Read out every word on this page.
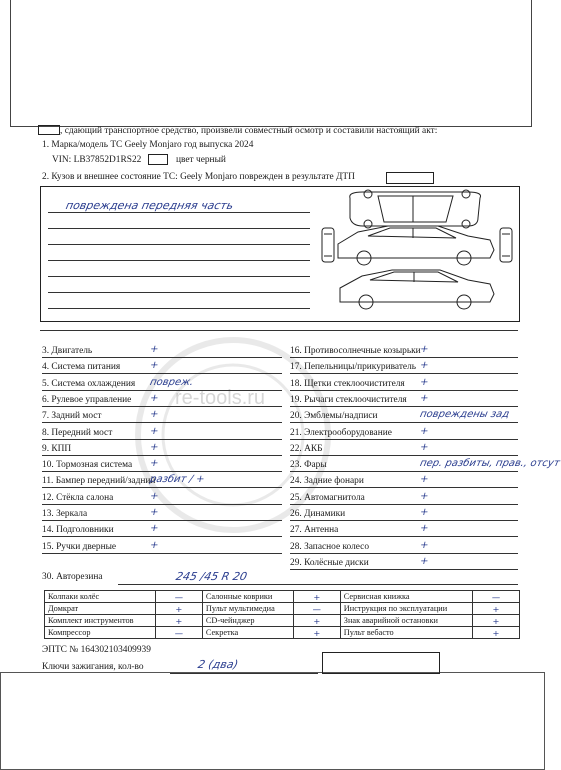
re-tools.ru
, сдающий транспортное средство, произвели совместный осмотр и составили настоящий акт:
1. Марка/модель ТС Geely Monjaro год выпуска 2024
VIN: LB37852D1RS22	цвет черный
2. Кузов и внешнее состояние ТС: Geely Monjaro поврежден в результате ДТП
повреждена передняя часть
30. Авторезина	245 /45 R 20
Колпаки колёс	—	Салонные коврики	+	Сервисная книжка	—
Домкрат	+	Пульт мультимедиа	—	Инструкция по эксплуатации	+
Комплект инструментов	+	CD-чейнджер	+	Знак аварийной остановки	+
Компрессор	—	Секретка	+	Пульт вебасто	+
ЭПТС № 164302103409939
Ключи зажигания, кол-во	2 (два)
3. Двигатель	+
4. Система питания	+
5. Система охлаждения повреж.
6. Рулевое управление +
7. Задний мост	+
8. Передний мост	+
9. КПП	+
10. Тормозная система +
11. Бампер передний/задний
разбит / +
12. Стёкла салона	+
13. Зеркала	+
14. Подголовники	+
15. Ручки дверные	+
16. Противосолнечные козырьки
+
17. Пепельницы/прикуриватель +
18. Щетки стеклоочистителя +
19. Рычаги стеклоочистителя +
20. Эмблемы/надписи	повреждены зад
21. Электрооборудование	+
22. АКБ	+
23. Фары	пер. разбиты, прав., отсут
24. Задние фонари	+
25. Автомагнитола	+
26. Динамики	+
27. Антенна	+
28. Запасное колесо	+
29. Колёсные диски	+
